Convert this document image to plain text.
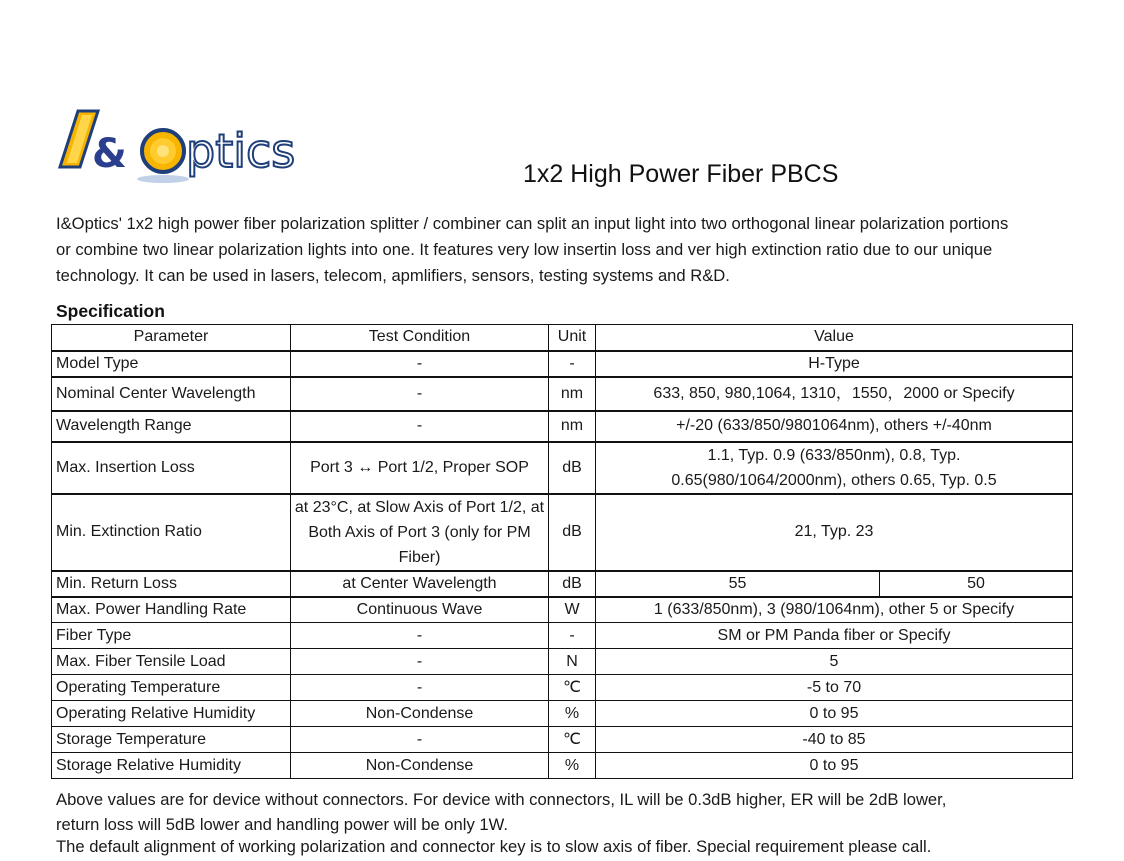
& ptics	1x2 High Power Fiber PBCS
I&Optics' 1x2 high power fiber polarization splitter / combiner can split an input light into two orthogonal linear polarization portions
or combine two linear polarization lights into one. It features very low insertin loss and ver high extinction ratio due to our unique
technology. It can be used in lasers, telecom, apmlifiers, sensors, testing systems and R&D.
Specification
Parameter	Test Condition	Unit	Value	
Model Type	-	-	H-Type	
Nominal Center Wavelength	-	nm	633, 850, 980,1064, 1310，1550，2000 or Specify	
Wavelength Range	-	nm	+/-20 (633/850/9801064nm), others +/-40nm	
Max. Insertion Loss	Port 3 ↔ Port 1/2, Proper SOP	dB	1.1, Typ. 0.9 (633/850nm), 0.8, Typ. 0.65(980/1064/2000nm), others 0.65, Typ. 0.5	
Min. Extinction Ratio	at 23°C, at Slow Axis of Port 1/2, at Both Axis of Port 3 (only for PM Fiber)	dB	21, Typ. 23	
Min. Return Loss	at Center Wavelength	dB	55	50
Max. Power Handling Rate	Continuous Wave	W	1 (633/850nm), 3 (980/1064nm), other 5 or Specify	
Fiber Type	-	-	SM or PM Panda fiber or Specify	
Max. Fiber Tensile Load	-	N	5	
Operating Temperature	-	℃	-5 to 70	
Operating Relative Humidity	Non-Condense	%	0 to 95	
Storage Temperature	-	℃	-40 to 85	
Storage Relative Humidity	Non-Condense	%	0 to 95	
Above values are for device without connectors. For device with connectors, IL will be 0.3dB higher, ER will be 2dB lower,
return loss will 5dB lower and handling power will be only 1W.
The default alignment of working polarization and connector key is to slow axis of fiber. Special requirement please call.
